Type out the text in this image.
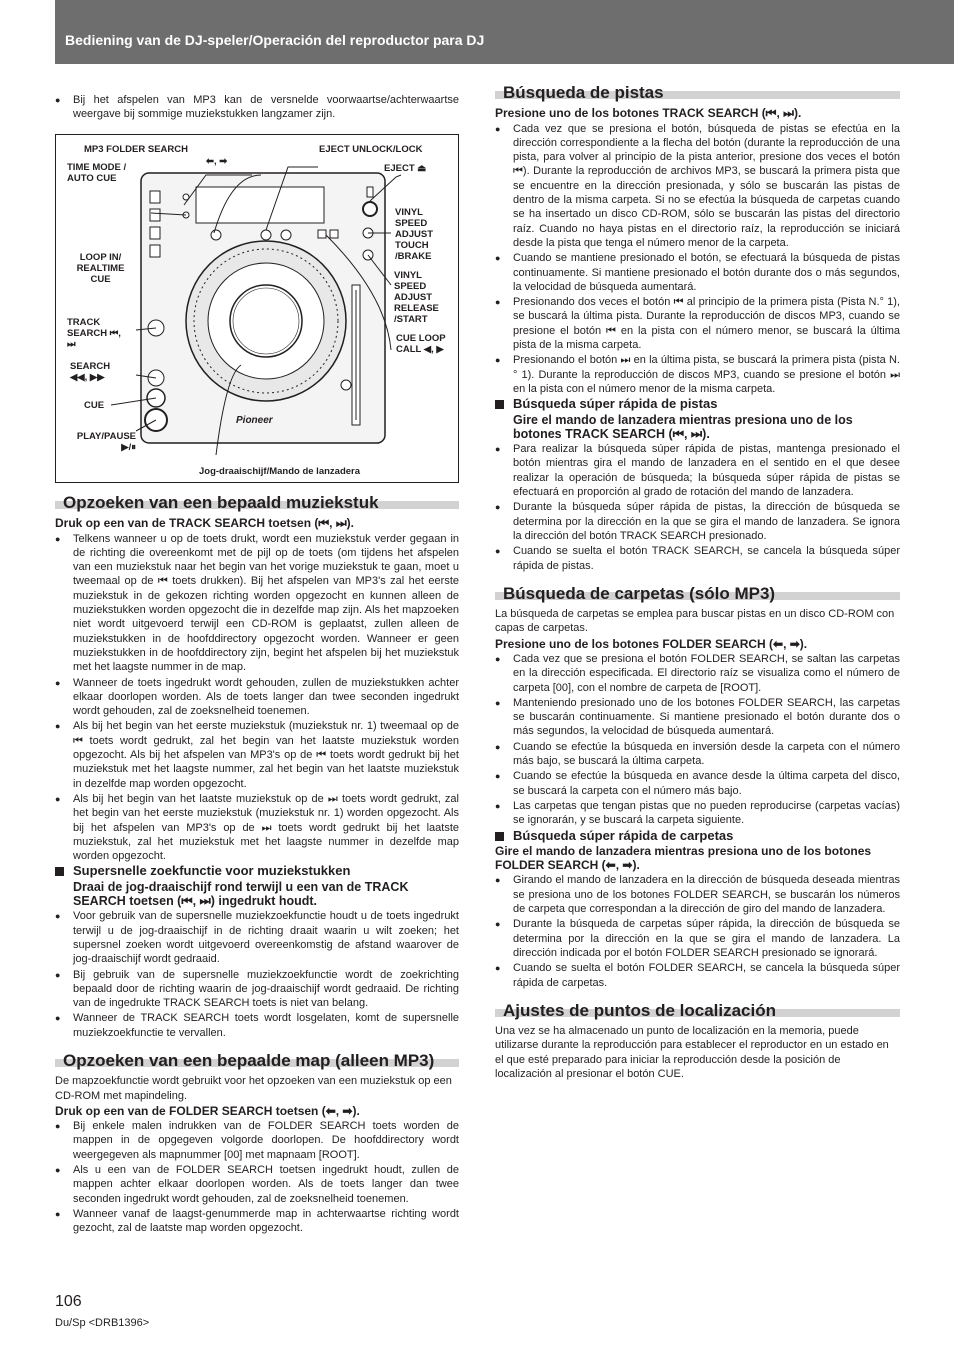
Bediening van de DJ-speler/Operación del reproductor para DJ

● Bij het afspelen van MP3 kan de versnelde voorwaartse/achterwaartse weergave bij sommige muziekstukken langzamer zijn.

MP3 FOLDER SEARCH
⬅, ➡
EJECT UNLOCK/LOCK
TIME MODE / AUTO CUE
EJECT ⏏
VINYL SPEED ADJUST TOUCH /BRAKE
LOOP IN/ REALTIME CUE	VINYL SPEED ADJUST RELEASE /START
TRACK SEARCH ⏮, ⏭
CUE LOOP CALL ◀, ▶
SEARCH ◀◀, ▶▶
CUE
PLAY/PAUSE ▶/⏸
Jog-draaischijf/Mando de lanzadera
Pioneer
Opzoeken van een bepaald muziekstuk

Druk op een van de TRACK SEARCH toetsen (⏮, ⏭).

● Telkens wanneer u op de toets drukt, wordt een muziekstuk verder gegaan in de richting die overeenkomt met de pijl op de toets (om tijdens het afspelen van een muziekstuk naar het begin van het vorige muziekstuk te gaan, moet u tweemaal op de ⏮ toets drukken). Bij het afspelen van MP3's zal het eerste muziekstuk in de gekozen richting worden opgezocht en kunnen alleen de muziekstukken worden opgezocht die in dezelfde map zijn. Als het mapzoeken niet wordt uitgevoerd terwijl een CD-ROM is geplaatst, zullen alleen de muziekstukken in de hoofddirectory opgezocht worden. Wanneer er geen muziekstukken in de hoofddirectory zijn, begint het afspelen bij het muziekstuk met het laagste nummer in de map.

● Wanneer de toets ingedrukt wordt gehouden, zullen de muziekstukken achter elkaar doorlopen worden. Als de toets langer dan twee seconden ingedrukt wordt gehouden, zal de zoeksnelheid toenemen.

● Als bij het begin van het eerste muziekstuk (muziekstuk nr. 1) tweemaal op de ⏮ toets wordt gedrukt, zal het begin van het laatste muziekstuk worden opgezocht. Als bij het afspelen van MP3's op de ⏮ toets wordt gedrukt bij het muziekstuk met het laagste nummer, zal het begin van het laatste muziekstuk in dezelfde map worden opgezocht.

● Als bij het begin van het laatste muziekstuk op de ⏭ toets wordt gedrukt, zal het begin van het eerste muziekstuk (muziekstuk nr. 1) worden opgezocht. Als bij het afspelen van MP3's op de ⏭ toets wordt gedrukt bij het laatste muziekstuk, zal het muziekstuk met het laagste nummer in dezelfde map worden opgezocht.

Supersnelle zoekfunctie voor muziekstukken

Draai de jog-draaischijf rond terwijl u een van de TRACK SEARCH toetsen (⏮, ⏭) ingedrukt houdt.

● Voor gebruik van de supersnelle muziekzoekfunctie houdt u de toets ingedrukt terwijl u de jog-draaischijf in de richting draait waarin u wilt zoeken; het supersnel zoeken wordt uitgevoerd overeenkomstig de afstand waarover de jog-draaischijf wordt gedraaid.

● Bij gebruik van de supersnelle muziekzoekfunctie wordt de zoekrichting bepaald door de richting waarin de jog-draaischijf wordt gedraaid. De richting van de ingedrukte TRACK SEARCH toets is niet van belang.

● Wanneer de TRACK SEARCH toets wordt losgelaten, komt de supersnelle muziekzoekfunctie te vervallen.

Opzoeken van een bepaalde map (alleen MP3)

De mapzoekfunctie wordt gebruikt voor het opzoeken van een muziekstuk op een CD-ROM met mapindeling.

Druk op een van de FOLDER SEARCH toetsen (⬅, ➡).

● Bij enkele malen indrukken van de FOLDER SEARCH toets worden de mappen in de opgegeven volgorde doorlopen. De hoofddirectory wordt weergegeven als mapnummer [00] met mapnaam [ROOT].

● Als u een van de FOLDER SEARCH toetsen ingedrukt houdt, zullen de mappen achter elkaar doorlopen worden. Als de toets langer dan twee seconden ingedrukt wordt gehouden, zal de zoeksnelheid toenemen.

● Wanneer vanaf de laagst-genummerde map in achterwaartse richting wordt gezocht, zal de laatste map worden opgezocht.

Búsqueda de pistas

Presione uno de los botones TRACK SEARCH (⏮, ⏭).

● Cada vez que se presiona el botón, búsqueda de pistas se efectúa en la dirección correspondiente a la flecha del botón (durante la reproducción de una pista, para volver al principio de la pista anterior, presione dos veces el botón ⏮). Durante la reproducción de archivos MP3, se buscará la primera pista que se encuentre en la dirección presionada, y sólo se buscarán las pistas de dentro de la misma carpeta. Si no se efectúa la búsqueda de carpetas cuando se ha insertado un disco CD-ROM, sólo se buscarán las pistas del directorio raíz. Cuando no haya pistas en el directorio raíz, la reproducción se iniciará desde la pista que tenga el número menor de la carpeta.

● Cuando se mantiene presionado el botón, se efectuará la búsqueda de pistas continuamente. Si mantiene presionado el botón durante dos o más segundos, la velocidad de búsqueda aumentará.

● Presionando dos veces el botón ⏮ al principio de la primera pista (Pista N.° 1), se buscará la última pista. Durante la reproducción de discos MP3, cuando se presione el botón ⏮ en la pista con el número menor, se buscará la última pista de la misma carpeta.

● Presionando el botón ⏭ en la última pista, se buscará la primera pista (pista N.° 1). Durante la reproducción de discos MP3, cuando se presione el botón ⏭ en la pista con el número menor de la misma carpeta.

Búsqueda súper rápida de pistas

Gire el mando de lanzadera mientras presiona uno de los botones TRACK SEARCH (⏮, ⏭).

● Para realizar la búsqueda súper rápida de pistas, mantenga presionado el botón mientras gira el mando de lanzadera en el sentido en el que desee realizar la operación de búsqueda; la búsqueda súper rápida de pistas se efectuará en proporción al grado de rotación del mando de lanzadera.

● Durante la búsqueda súper rápida de pistas, la dirección de búsqueda se determina por la dirección en la que se gira el mando de lanzadera. Se ignora la dirección del botón TRACK SEARCH presionado.

● Cuando se suelta el botón TRACK SEARCH, se cancela la búsqueda súper rápida de pistas.

Búsqueda de carpetas (sólo MP3)

La búsqueda de carpetas se emplea para buscar pistas en un disco CD-ROM con capas de carpetas.

Presione uno de los botones FOLDER SEARCH (⬅, ➡).

● Cada vez que se presiona el botón FOLDER SEARCH, se saltan las carpetas en la dirección especificada. El directorio raíz se visualiza como el número de carpeta [00], con el nombre de carpeta de [ROOT].

● Manteniendo presionado uno de los botones FOLDER SEARCH, las carpetas se buscarán continuamente. Si mantiene presionado el botón durante dos o más segundos, la velocidad de búsqueda aumentará.

● Cuando se efectúe la búsqueda en inversión desde la carpeta con el número más bajo, se buscará la última carpeta.

● Cuando se efectúe la búsqueda en avance desde la última carpeta del disco, se buscará la carpeta con el número más bajo.

● Las carpetas que tengan pistas que no pueden reproducirse (carpetas vacías) se ignorarán, y se buscará la carpeta siguiente.

Búsqueda súper rápida de carpetas

Gire el mando de lanzadera mientras presiona uno de los botones FOLDER SEARCH (⬅, ➡).

● Girando el mando de lanzadera en la dirección de búsqueda deseada mientras se presiona uno de los botones FOLDER SEARCH, se buscarán los números de carpeta que correspondan a la dirección de giro del mando de lanzadera.

● Durante la búsqueda de carpetas súper rápida, la dirección de búsqueda se determina por la dirección en la que se gira el mando de lanzadera. La dirección indicada por el botón FOLDER SEARCH presionado se ignorará.

● Cuando se suelta el botón FOLDER SEARCH, se cancela la búsqueda súper rápida de carpetas.

Ajustes de puntos de localización

Una vez se ha almacenado un punto de localización en la memoria, puede utilizarse durante la reproducción para establecer el reproductor en un estado en el que esté preparado para iniciar la reproducción desde la posición de localización al presionar el botón CUE.

106
Du/Sp <DRB1396>
